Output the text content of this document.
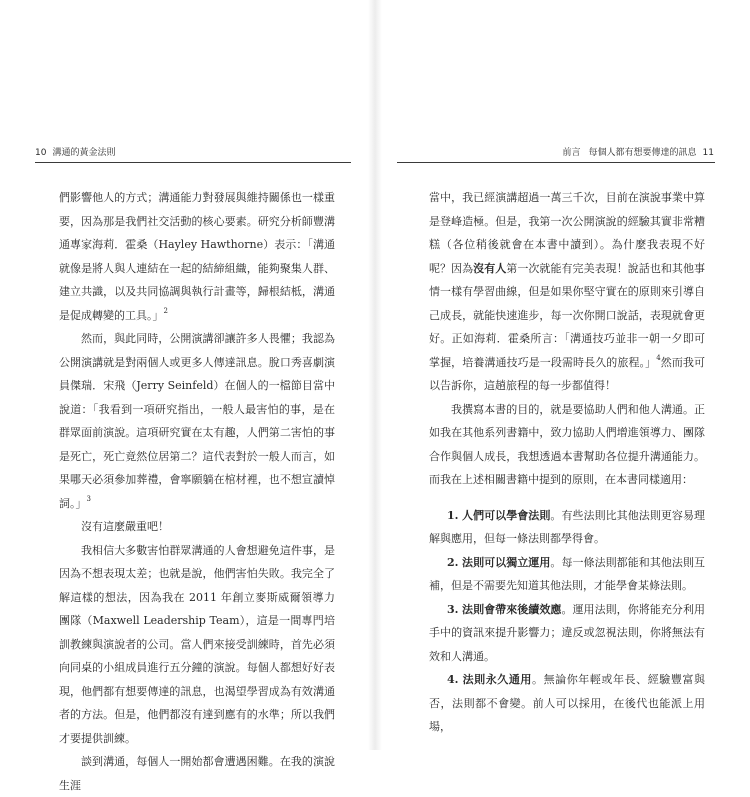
10 溝通的黃金法則

們影響他人的方式；溝通能力對發展與維持關係也一樣重要，因為那是我們社交活動的核心要素。研究分析師豐溝通專家海莉．霍桑（Hayley Hawthorne）表示：「溝通就像是將人與人連結在一起的結締組織，能夠聚集人群、建立共識，以及共同協調與執行計畫等，歸根結柢，溝通是促成轉變的工具。」$^2$

然而，與此同時，公開演講卻讓許多人畏懼；我認為公開演講就是對兩個人或更多人傳達訊息。脫口秀喜劇演員傑瑞．宋飛（Jerry Seinfeld）在個人的一檔節目當中說道：「我看到一項研究指出，一般人最害怕的事，是在群眾面前演說。這項研究實在太有趣，人們第二害怕的事是死亡，死亡竟然位居第二？這代表對於一般人而言，如果哪天必須參加葬禮，會寧願躺在棺材裡，也不想宣讀悼詞。」$^3$

沒有這麼嚴重吧！

我相信大多數害怕群眾溝通的人會想避免這件事，是因為不想表現太差；也就是說，他們害怕失敗。我完全了解這樣的想法，因為我在 2011 年創立麥斯威爾領導力團隊（Maxwell Leadership Team），這是一間專門培訓教練與演說者的公司。當人們來接受訓練時，首先必須向同桌的小組成員進行五分鐘的演說。每個人都想好好表現，他們都有想要傳達的訊息，也渴望學習成為有效溝通者的方法。但是，他們都沒有達到應有的水準；所以我們才要提供訓練。

談到溝通，每個人一開始都會遭遇困難。在我的演說生涯

前言 每個人都有想要傳達的訊息 11

當中，我已經演講超過一萬三千次，目前在演說事業中算是登峰造極。但是，我第一次公開演說的經驗其實非常糟糕（各位稍後就會在本書中讀到）。為什麼我表現不好呢？因為沒有人第一次就能有完美表現！說話也和其他事情一樣有學習曲線，但是如果你堅守實在的原則來引導自己成長，就能快速進步，每一次你開口說話，表現就會更好。正如海莉．霍桑所言：「溝通技巧並非一朝一夕即可掌握，培養溝通技巧是一段需時長久的旅程。」$^4$然而我可以告訴你，這趟旅程的每一步都值得！

我撰寫本書的目的，就是要協助人們和他人溝通。正如我在其他系列書籍中，致力協助人們增進領導力、團隊合作與個人成長，我想透過本書幫助各位提升溝通能力。而我在上述相關書籍中提到的原則，在本書同樣適用：

1. 人們可以學會法則。有些法則比其他法則更容易理解與應用，但每一條法則都學得會。
2. 法則可以獨立運用。每一條法則都能和其他法則互補，但是不需要先知道其他法則，才能學會某條法則。
3. 法則會帶來後續效應。運用法則，你將能充分利用手中的資訊來提升影響力；違反或忽視法則，你將無法有效和人溝通。
4. 法則永久通用。無論你年輕或年長、經驗豐富與否，法則都不會變。前人可以採用，在後代也能派上用場，
